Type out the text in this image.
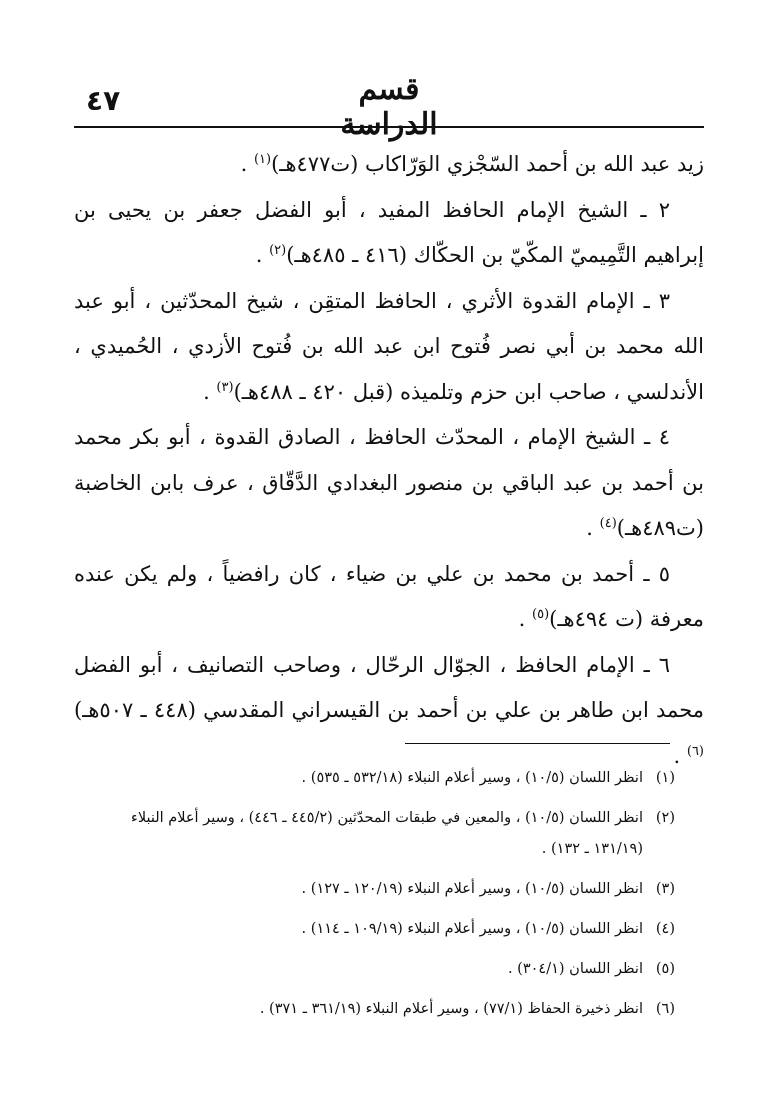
٤٧	قسم الدراسة

زيد عبد الله بن أحمد السّجْزي الوَرّاكاب (ت٤٧٧هـ)$^{(١)}$ .

٢ ـ الشيخ الإمام الحافظ المفيد ، أبو الفضل جعفر بن يحيى بن إبراهيم التَّمِيميّ المكّيّ بن الحكّاك (٤١٦ ـ ٤٨٥هـ)$^{(٢)}$ .

٣ ـ الإمام القدوة الأثري ، الحافظ المتقِن ، شيخ المحدّثين ، أبو عبد الله محمد بن أبي نصر فُتوح ابن عبد الله بن فُتوح الأزدي ، الحُميدي ، الأندلسي ، صاحب ابن حزم وتلميذه (قبل ٤٢٠ ـ ٤٨٨هـ)$^{(٣)}$ .

٤ ـ الشيخ الإمام ، المحدّث الحافظ ، الصادق القدوة ، أبو بكر محمد بن أحمد بن عبد الباقي بن منصور البغدادي الدَّقّاق ، عرف بابن الخاضبة (ت٤٨٩هـ)$^{(٤)}$ .

٥ ـ أحمد بن محمد بن علي بن ضياء ، كان رافضياً ، ولم يكن عنده معرفة (ت ٤٩٤هـ)$^{(٥)}$ .

٦ ـ الإمام الحافظ ، الجوّال الرحّال ، وصاحب التصانيف ، أبو الفضل محمد ابن طاهر بن علي بن أحمد بن القيسراني المقدسي (٤٤٨ ـ ٥٠٧هـ)$^{(٦)}$ .

(١)انظر اللسان (١٠/٥) ، وسير أعلام النبلاء (٥٣٢/١٨ ـ ٥٣٥) .

(٢)انظر اللسان (١٠/٥) ، والمعين في طبقات المحدّثين (٤٤٥/٢ ـ ٤٤٦) ، وسير أعلام النبلاء (١٣١/١٩ ـ ١٣٢) .

(٣)انظر اللسان (١٠/٥) ، وسير أعلام النبلاء (١٢٠/١٩ ـ ١٢٧) .

(٤)انظر اللسان (١٠/٥) ، وسير أعلام النبلاء (١٠٩/١٩ ـ ١١٤) .

(٥)انظر اللسان (٣٠٤/١) .

(٦)انظر ذخيرة الحفاظ (٧٧/١) ، وسير أعلام النبلاء (٣٦١/١٩ ـ ٣٧١) .
